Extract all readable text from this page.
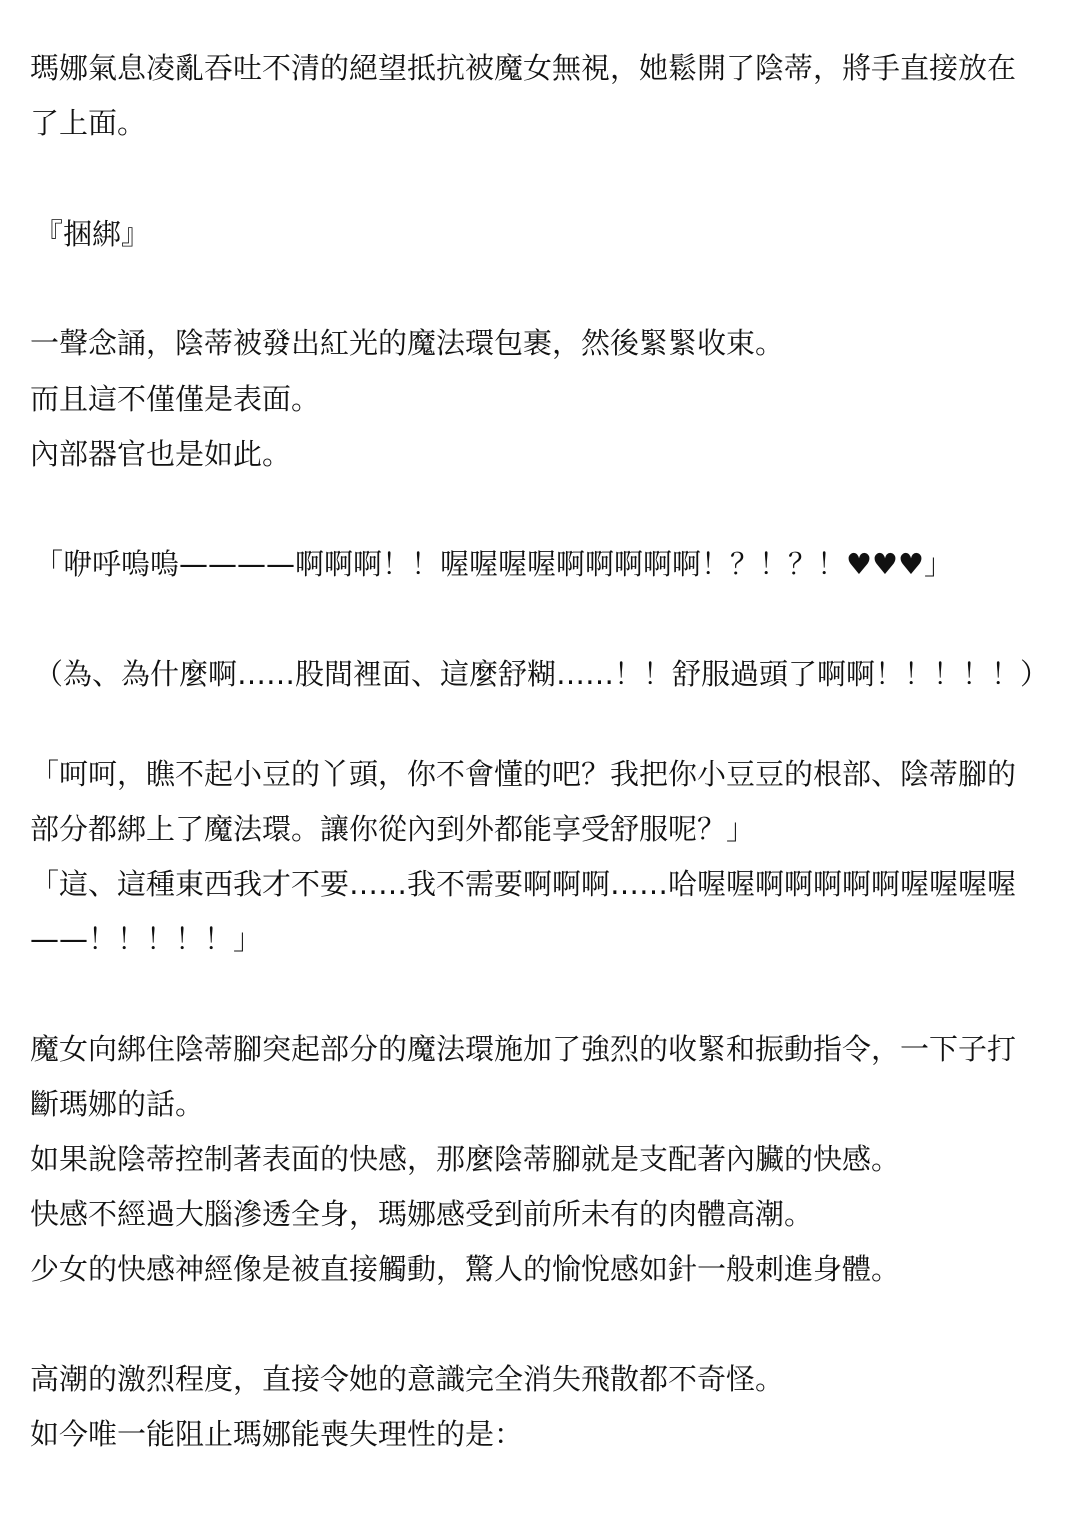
瑪娜氣息凌亂吞吐不清的絕望抵抗被魔女無視，她鬆開了陰蒂，將手直接放在
了上面。
『捆綁』
一聲念誦，陰蒂被發出紅光的魔法環包裹，然後緊緊收束。
而且這不僅僅是表面。
內部器官也是如此。
「咿呼嗚嗚————啊啊啊！！喔喔喔喔啊啊啊啊啊！？！？！♥♥♥」
（為、為什麼啊……股間裡面、這麼舒糊……！！舒服過頭了啊啊！！！！！）
「呵呵，瞧不起小豆的丫頭，你不會懂的吧？我把你小豆豆的根部、陰蒂腳的
部分都綁上了魔法環。讓你從內到外都能享受舒服呢？」
「這、這種東西我才不要……我不需要啊啊啊……哈喔喔啊啊啊啊啊喔喔喔喔
——！！！！！」
魔女向綁住陰蒂腳突起部分的魔法環施加了強烈的收緊和振動指令，一下子打
斷瑪娜的話。
如果說陰蒂控制著表面的快感，那麼陰蒂腳就是支配著內臟的快感。
快感不經過大腦滲透全身，瑪娜感受到前所未有的肉體高潮。
少女的快感神經像是被直接觸動，驚人的愉悅感如針一般刺進身體。
高潮的激烈程度，直接令她的意識完全消失飛散都不奇怪。
如今唯一能阻止瑪娜能喪失理性的是：
